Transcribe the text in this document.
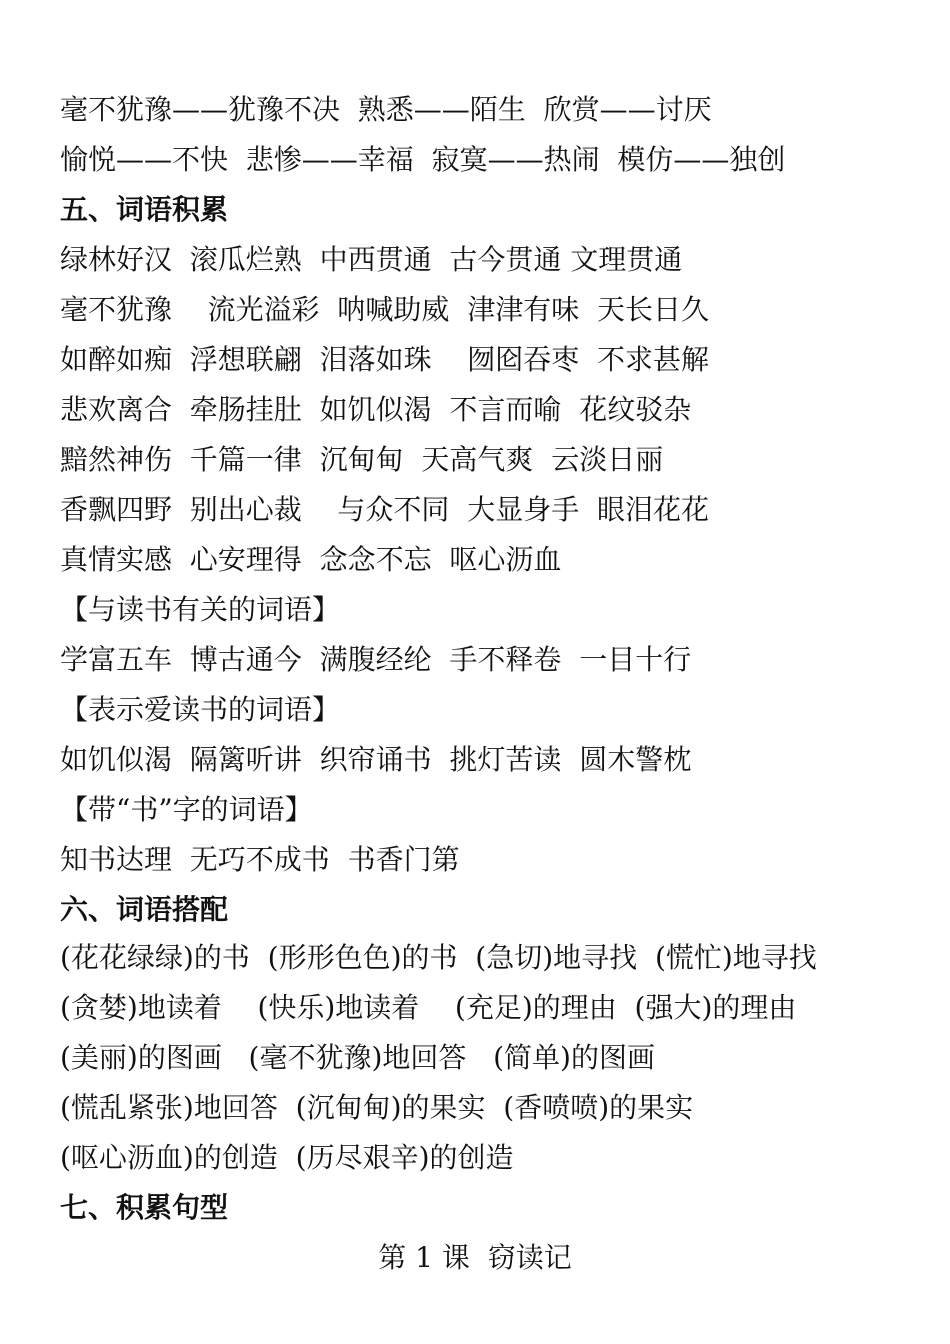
毫不犹豫——犹豫不决  熟悉——陌生  欣赏——讨厌
愉悦——不快  悲惨——幸福  寂寞——热闹  模仿——独创
五、词语积累
绿林好汉  滚瓜烂熟  中西贯通  古今贯通 文理贯通
毫不犹豫    流光溢彩  呐喊助威  津津有味  天长日久
如醉如痴  浮想联翩  泪落如珠    囫囵吞枣  不求甚解
悲欢离合  牵肠挂肚  如饥似渴  不言而喻  花纹驳杂
黯然神伤  千篇一律  沉甸甸  天高气爽  云淡日丽
香飘四野  别出心裁    与众不同  大显身手  眼泪花花
真情实感  心安理得  念念不忘  呕心沥血
【与读书有关的词语】
学富五车  博古通今  满腹经纶  手不释卷  一目十行
【表示爱读书的词语】
如饥似渴  隔篱听讲  织帘诵书  挑灯苦读  圆木警枕
【带“书”字的词语】
知书达理  无巧不成书  书香门第
六、词语搭配
(花花绿绿)的书  (形形色色)的书  (急切)地寻找  (慌忙)地寻找
(贪婪)地读着    (快乐)地读着    (充足)的理由  (强大)的理由
(美丽)的图画   (毫不犹豫)地回答   (简单)的图画
(慌乱紧张)地回答  (沉甸甸)的果实  (香喷喷)的果实
(呕心沥血)的创造  (历尽艰辛)的创造
七、积累句型
第 1 课  窃读记
